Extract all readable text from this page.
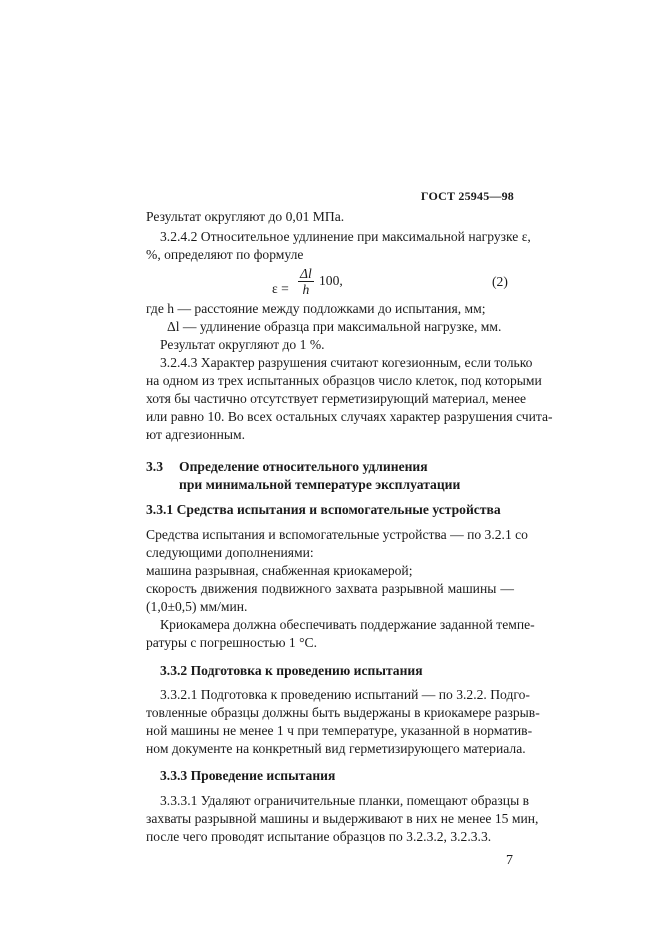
ГОСТ 25945—98
Результат округляют до 0,01 МПа.
3.2.4.2 Относительное удлинение при максимальной нагрузке ε,
%, определяют по формуле
$\varepsilon = \frac{\Delta l}{h} 100$,	(2)
где h — расстояние между подложками до испытания, мм;
Δl — удлинение образца при максимальной нагрузке, мм.
Результат округляют до 1 %.
3.2.4.3 Характер разрушения считают когезионным, если только
на одном из трех испытанных образцов число клеток, под которыми
хотя бы частично отсутствует герметизирующий материал, менее
или равно 10. Во всех остальных случаях характер разрушения счита-
ют адгезионным.
3.3 Определение относительного удлинения
при минимальной температуре эксплуатации
3.3.1 Средства испытания и вспомогательные устройства
Средства испытания и вспомогательные устройства — по 3.2.1 со
следующими дополнениями:
машина разрывная, снабженная криокамерой;
скорость движения подвижного захвата разрывной машины —
(1,0±0,5) мм/мин.
Криокамера должна обеспечивать поддержание заданной темпе-
ратуры с погрешностью 1 °С.
3.3.2 Подготовка к проведению испытания
3.3.2.1 Подготовка к проведению испытаний — по 3.2.2. Подго-
товленные образцы должны быть выдержаны в криокамере разрыв-
ной машины не менее 1 ч при температуре, указанной в норматив-
ном документе на конкретный вид герметизирующего материала.
3.3.3 Проведение испытания
3.3.3.1 Удаляют ограничительные планки, помещают образцы в
захваты разрывной машины и выдерживают в них не менее 15 мин,
после чего проводят испытание образцов по 3.2.3.2, 3.2.3.3.
7
